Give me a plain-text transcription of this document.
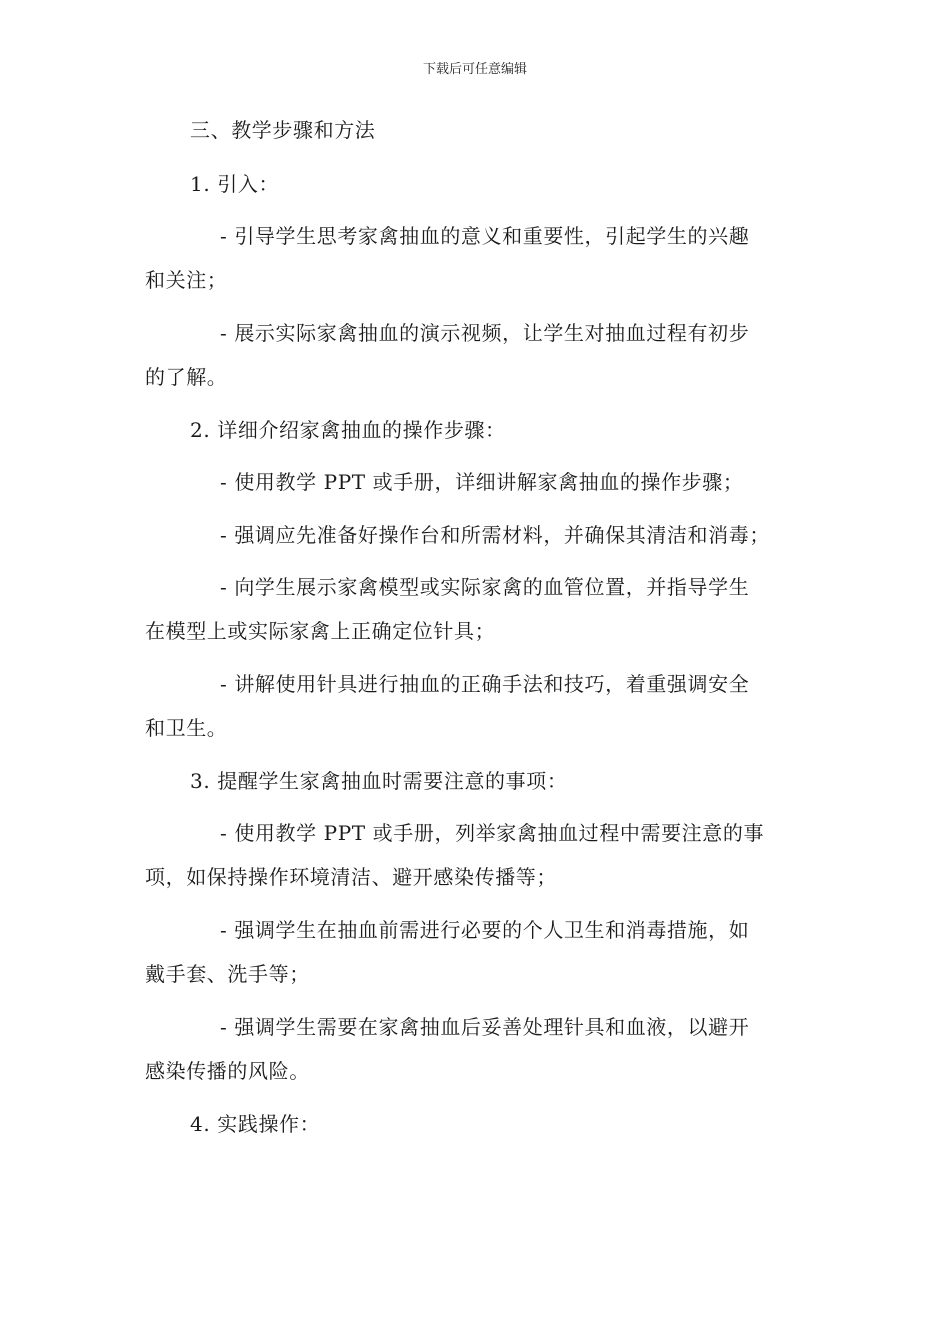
下载后可任意编辑
三、教学步骤和方法
1. 引入：
- 引导学生思考家禽抽血的意义和重要性，引起学生的兴趣
和关注；
- 展示实际家禽抽血的演示视频，让学生对抽血过程有初步
的了解。
2. 详细介绍家禽抽血的操作步骤：
- 使用教学 PPT 或手册，详细讲解家禽抽血的操作步骤；
- 强调应先准备好操作台和所需材料，并确保其清洁和消毒；
- 向学生展示家禽模型或实际家禽的血管位置，并指导学生
在模型上或实际家禽上正确定位针具；
- 讲解使用针具进行抽血的正确手法和技巧，着重强调安全
和卫生。
3. 提醒学生家禽抽血时需要注意的事项：
- 使用教学 PPT 或手册，列举家禽抽血过程中需要注意的事
项，如保持操作环境清洁、避开感染传播等；
- 强调学生在抽血前需进行必要的个人卫生和消毒措施，如
戴手套、洗手等；
- 强调学生需要在家禽抽血后妥善处理针具和血液，以避开
感染传播的风险。
4. 实践操作：
